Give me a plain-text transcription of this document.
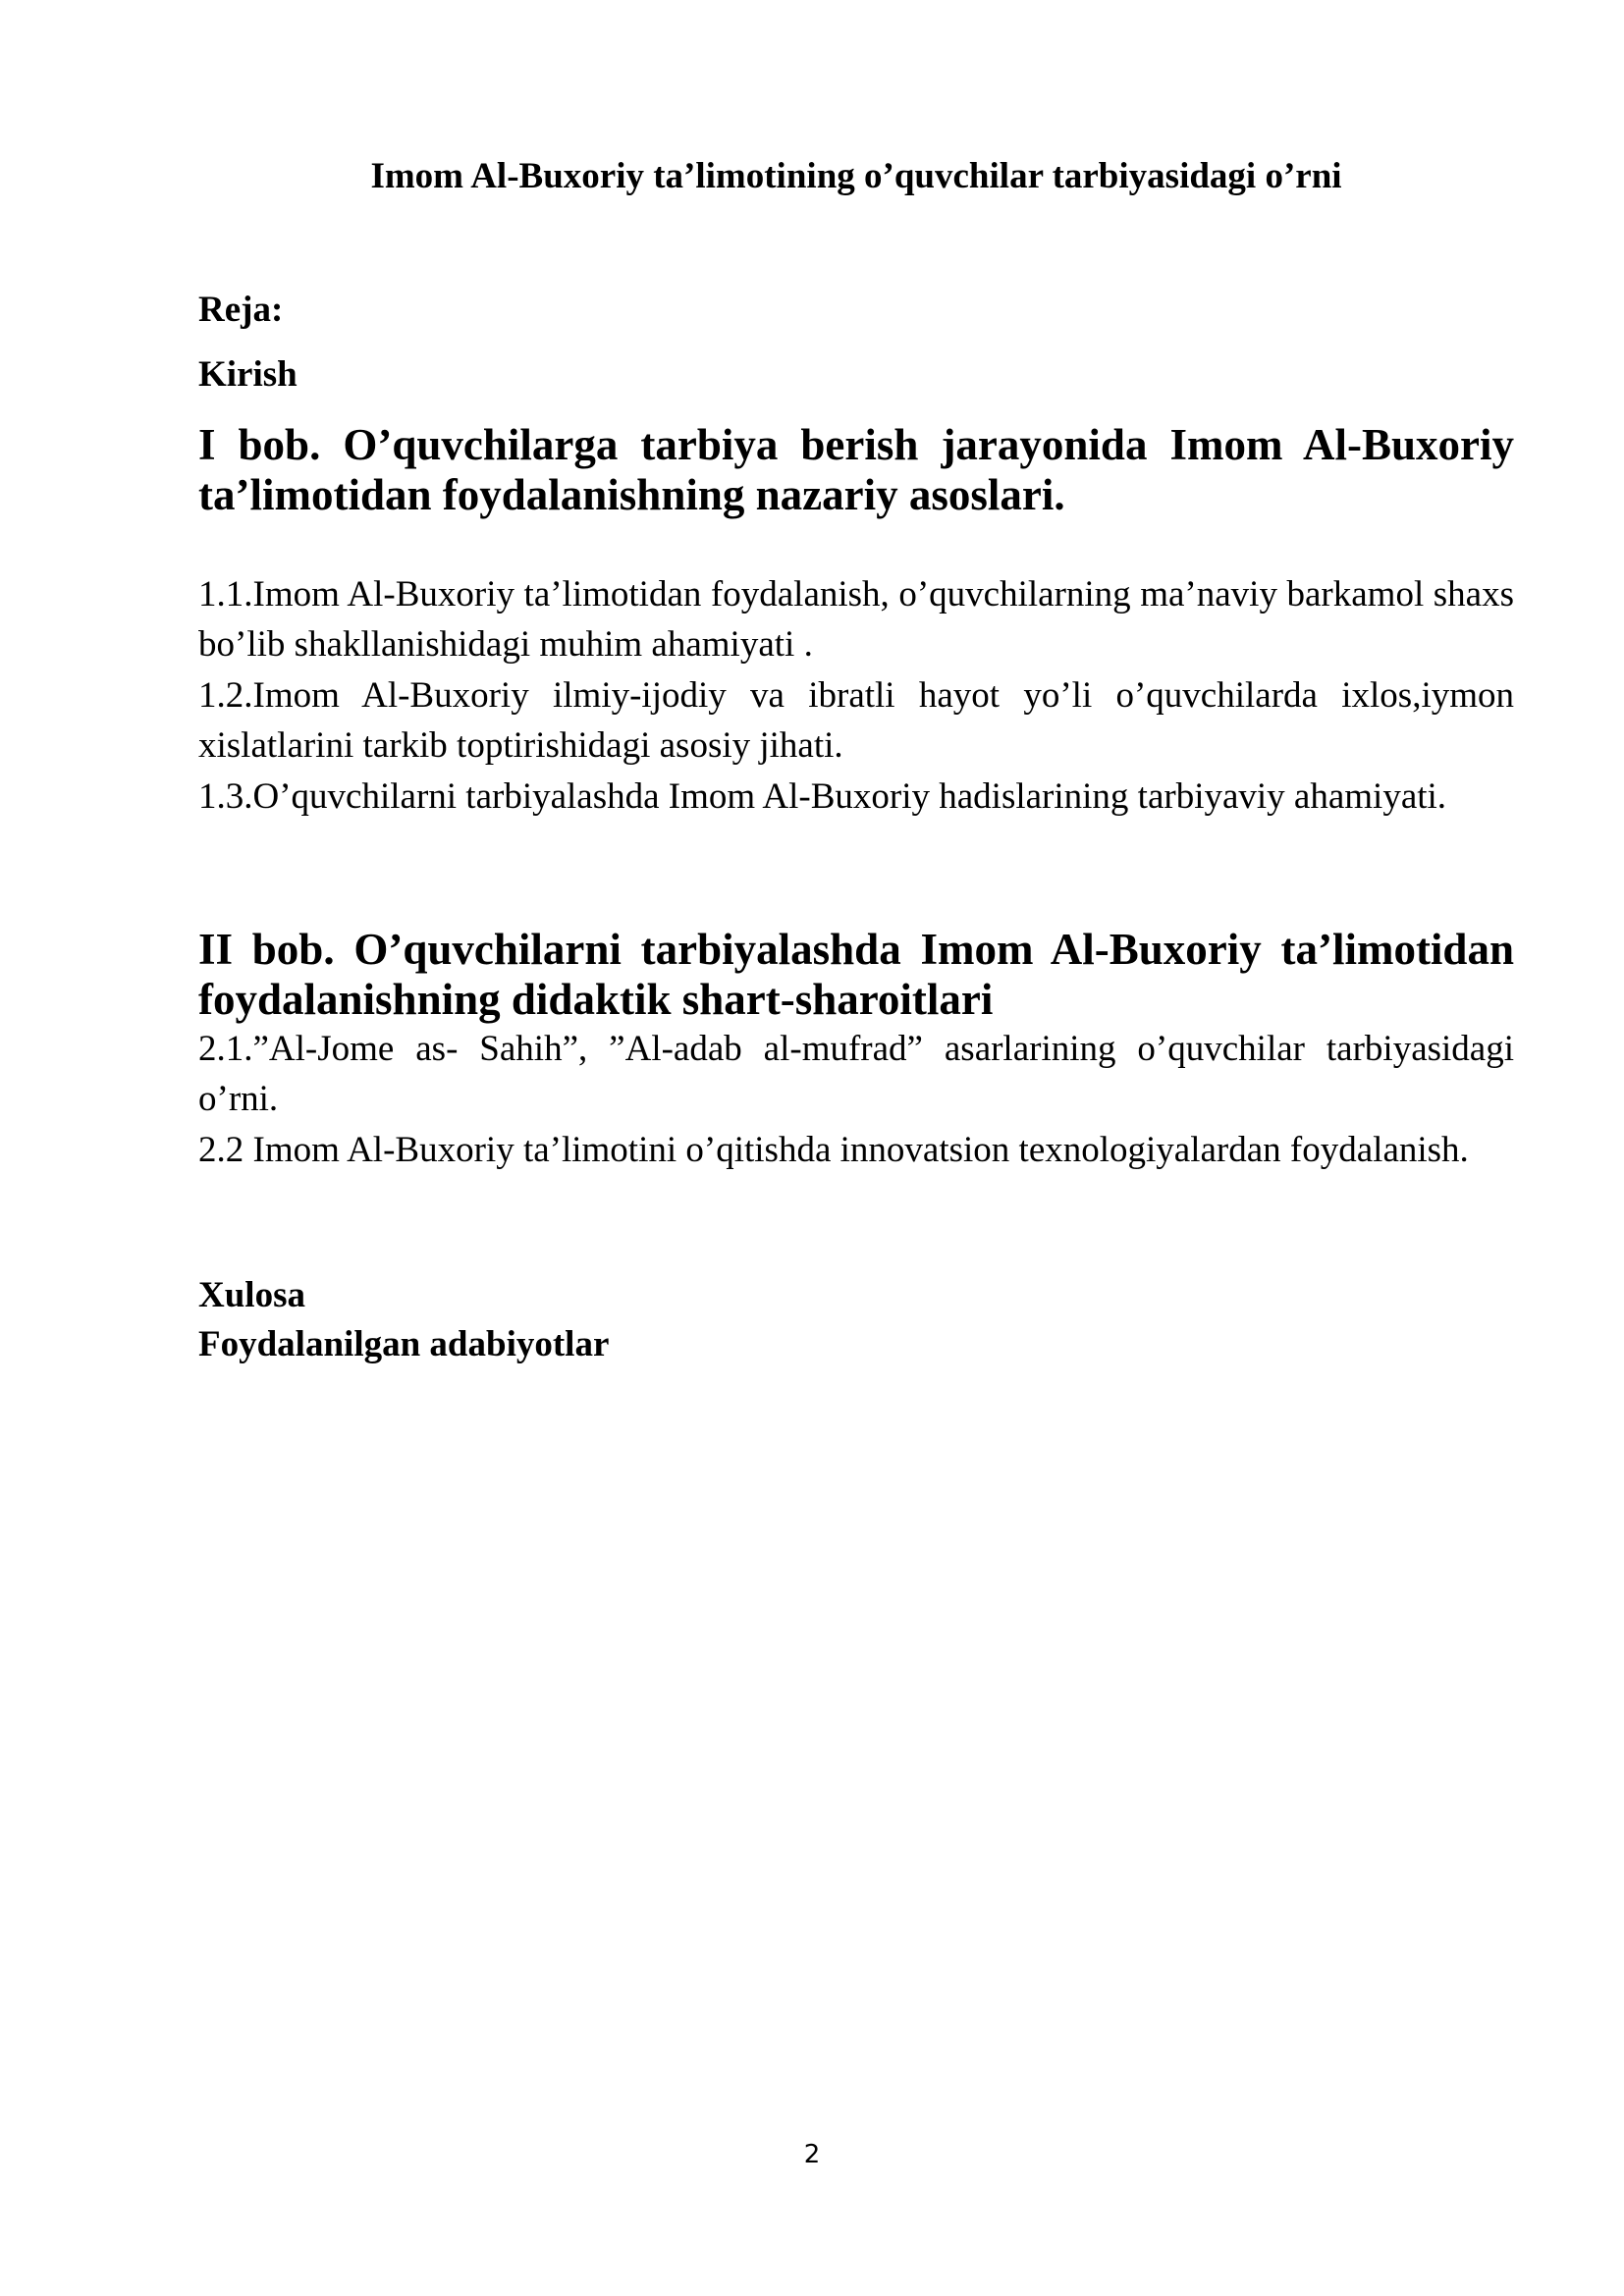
Imom Al-Buxoriy ta’limotining o’quvchilar tarbiyasidagi o’rni

Reja:

Kirish

I bob. O’quvchilarga tarbiya berish jarayonida Imom Al-Buxoriy ta’limotidan foydalanishning nazariy asoslari.

1.1.Imom Al-Buxoriy ta’limotidan foydalanish, o’quvchilarning ma’naviy barkamol shaxs bo’lib shakllanishidagi muhim ahamiyati .

1.2.Imom Al-Buxoriy ilmiy-ijodiy va ibratli hayot yo’li o’quvchilarda ixlos,iymon xislatlarini tarkib toptirishidagi asosiy jihati.

1.3.O’quvchilarni tarbiyalashda Imom Al-Buxoriy hadislarining tarbiyaviy ahamiyati.

II bob. O’quvchilarni tarbiyalashda Imom Al-Buxoriy ta’limotidan foydalanishning didaktik shart-sharoitlari

2.1.”Al-Jome as- Sahih”, ”Al-adab al-mufrad” asarlarining o’quvchilar tarbiyasidagi o’rni.

2.2 Imom Al-Buxoriy ta’limotini o’qitishda innovatsion texnologiyalardan foydalanish.

Xulosa

Foydalanilgan adabiyotlar

2
